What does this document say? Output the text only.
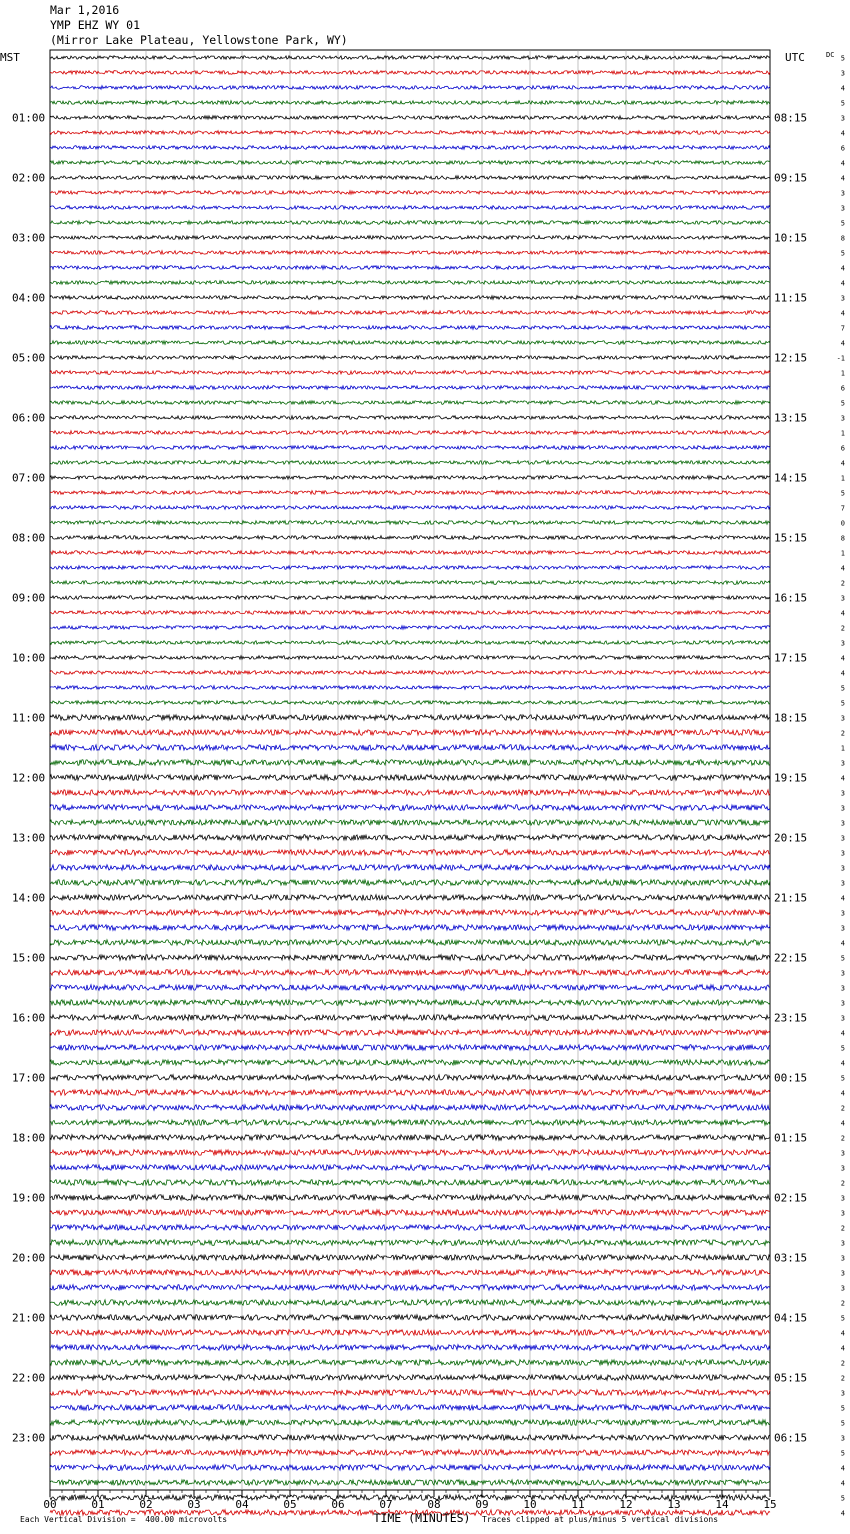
Mar 1,2016
YMP EHZ WY 01
(Mirror Lake Plateau, Yellowstone Park, WY)
MST	UTC	DC
01:00
02:00
03:00
04:00
05:00
06:00
07:00
08:00
09:00
10:00
11:00
12:00
13:00
14:00
15:00
16:00
17:00
18:00
19:00
20:00
21:00
22:00
23:00
08:15
09:15
10:15
11:15
12:15
13:15
14:15
15:15
16:15
17:15
18:15
19:15
20:15
21:15
22:15
23:15
00:15
01:15
02:15
03:15
04:15
05:15
06:15
5
3
4
5
3
4
6
4
4
3
3
5
8
5
4
4
3
4
7
4
-1
1
6
5
3
1
6
4
1
5
7
0
8
1
4
2
3
4
2
3
4
4
5
5
3
2
1
3
4
3
3
3
3
3
3
3
4
3
3
4
5
3
3
3
3
4
5
4
5
4
2
4
2
3
3
2
3
3
2
3
3
3
3
2
5
4
4
2
2
3
5
5
3
5
4
4
5
4
00	01	02	03	04	05	06	07	08	09	10	11	12	13	14	15
TIME (MINUTES)
Each Vertical Division =  400.00 microvolts	Traces clipped at plus/minus 5 vertical divisions
